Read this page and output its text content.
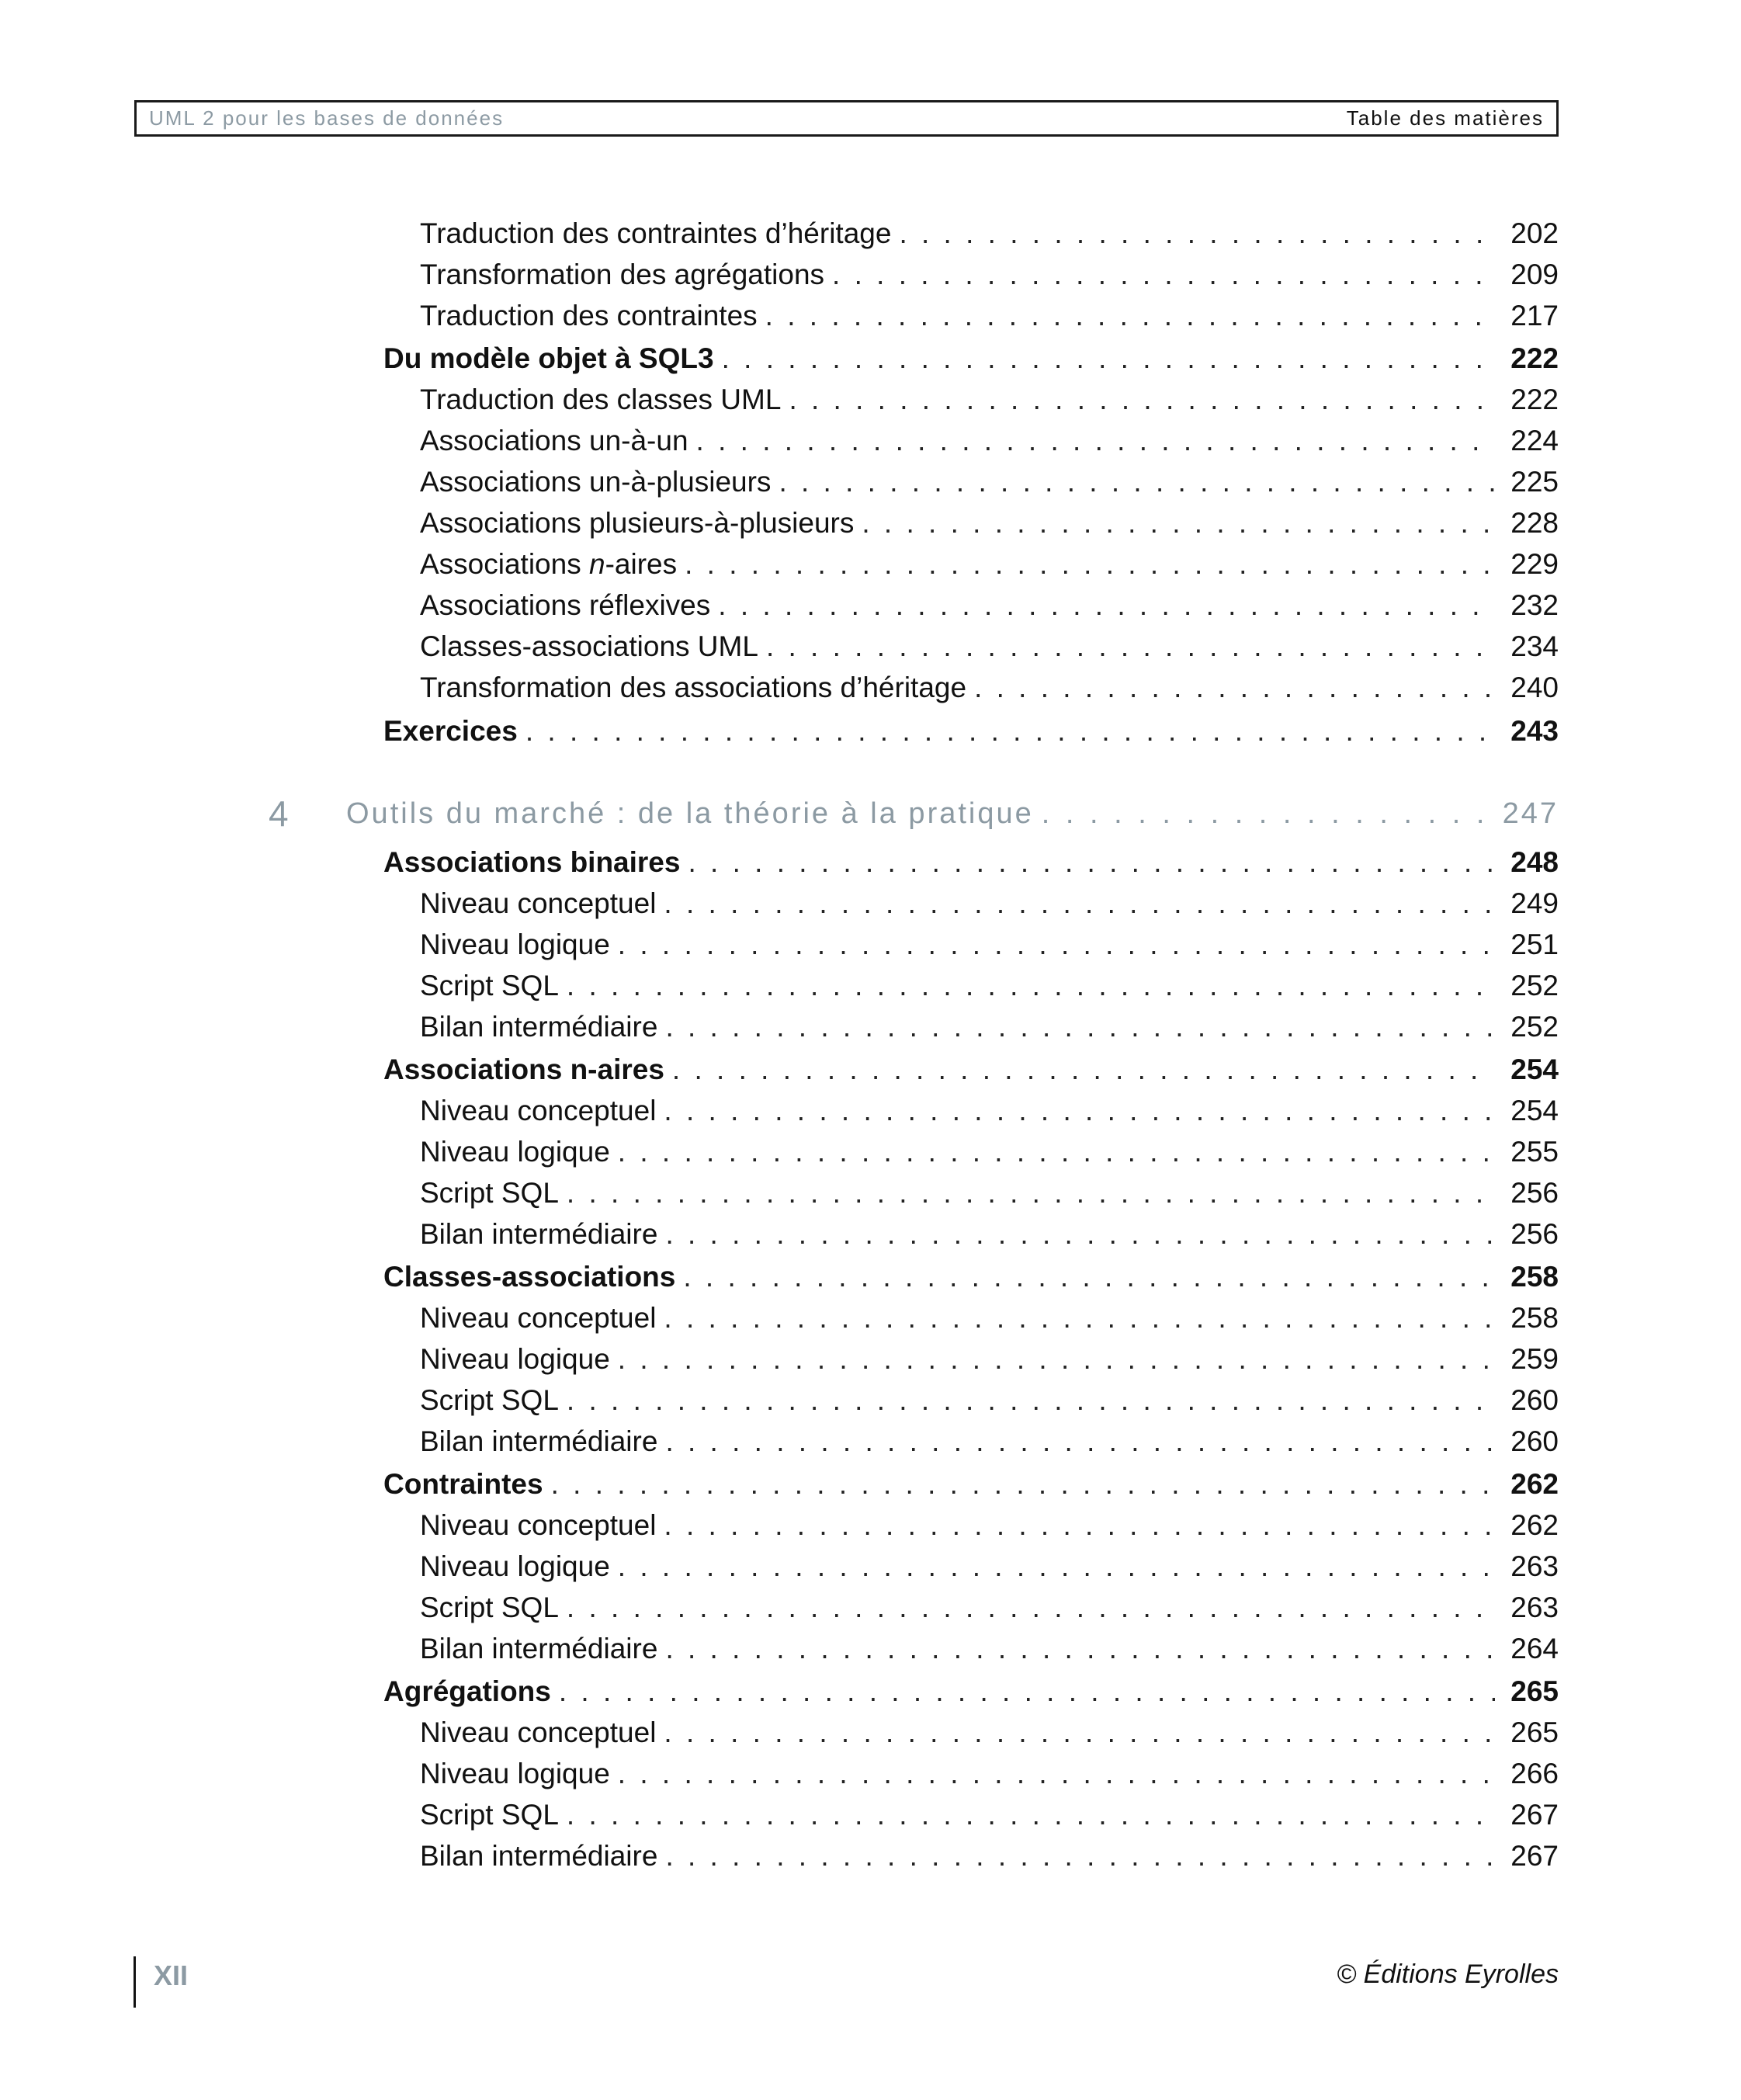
UML 2 pour les bases de données	Table des matières
Traduction des contraintes d’héritage . . .	202
Transformation des agrégations . . .	209
Traduction des contraintes . . .	217
Du modèle objet à SQL3 . . .	222
Traduction des classes UML . . .	222
Associations un-à-un . . .	224
Associations un-à-plusieurs . . .	225
Associations plusieurs-à-plusieurs . . .	228
Associations n-aires . . .	229
Associations réflexives . . .	232
Classes-associations UML . . .	234
Transformation des associations d’héritage . . .	240
Exercices . . .	243
4 Outils du marché : de la théorie à la pratique . . .	247
Associations binaires . . .	248
Niveau conceptuel . . .	249
Niveau logique . . .	251
Script SQL . . .	252
Bilan intermédiaire . . .	252
Associations n-aires . . .	254
Niveau conceptuel . . .	254
Niveau logique . . .	255
Script SQL . . .	256
Bilan intermédiaire . . .	256
Classes-associations . . .	258
Niveau conceptuel . . .	258
Niveau logique . . .	259
Script SQL . . .	260
Bilan intermédiaire . . .	260
Contraintes . . .	262
Niveau conceptuel . . .	262
Niveau logique . . .	263
Script SQL . . .	263
Bilan intermédiaire . . .	264
Agrégations . . .	265
Niveau conceptuel . . .	265
Niveau logique . . .	266
Script SQL . . .	267
Bilan intermédiaire . . .	267
XII	© Éditions Eyrolles
